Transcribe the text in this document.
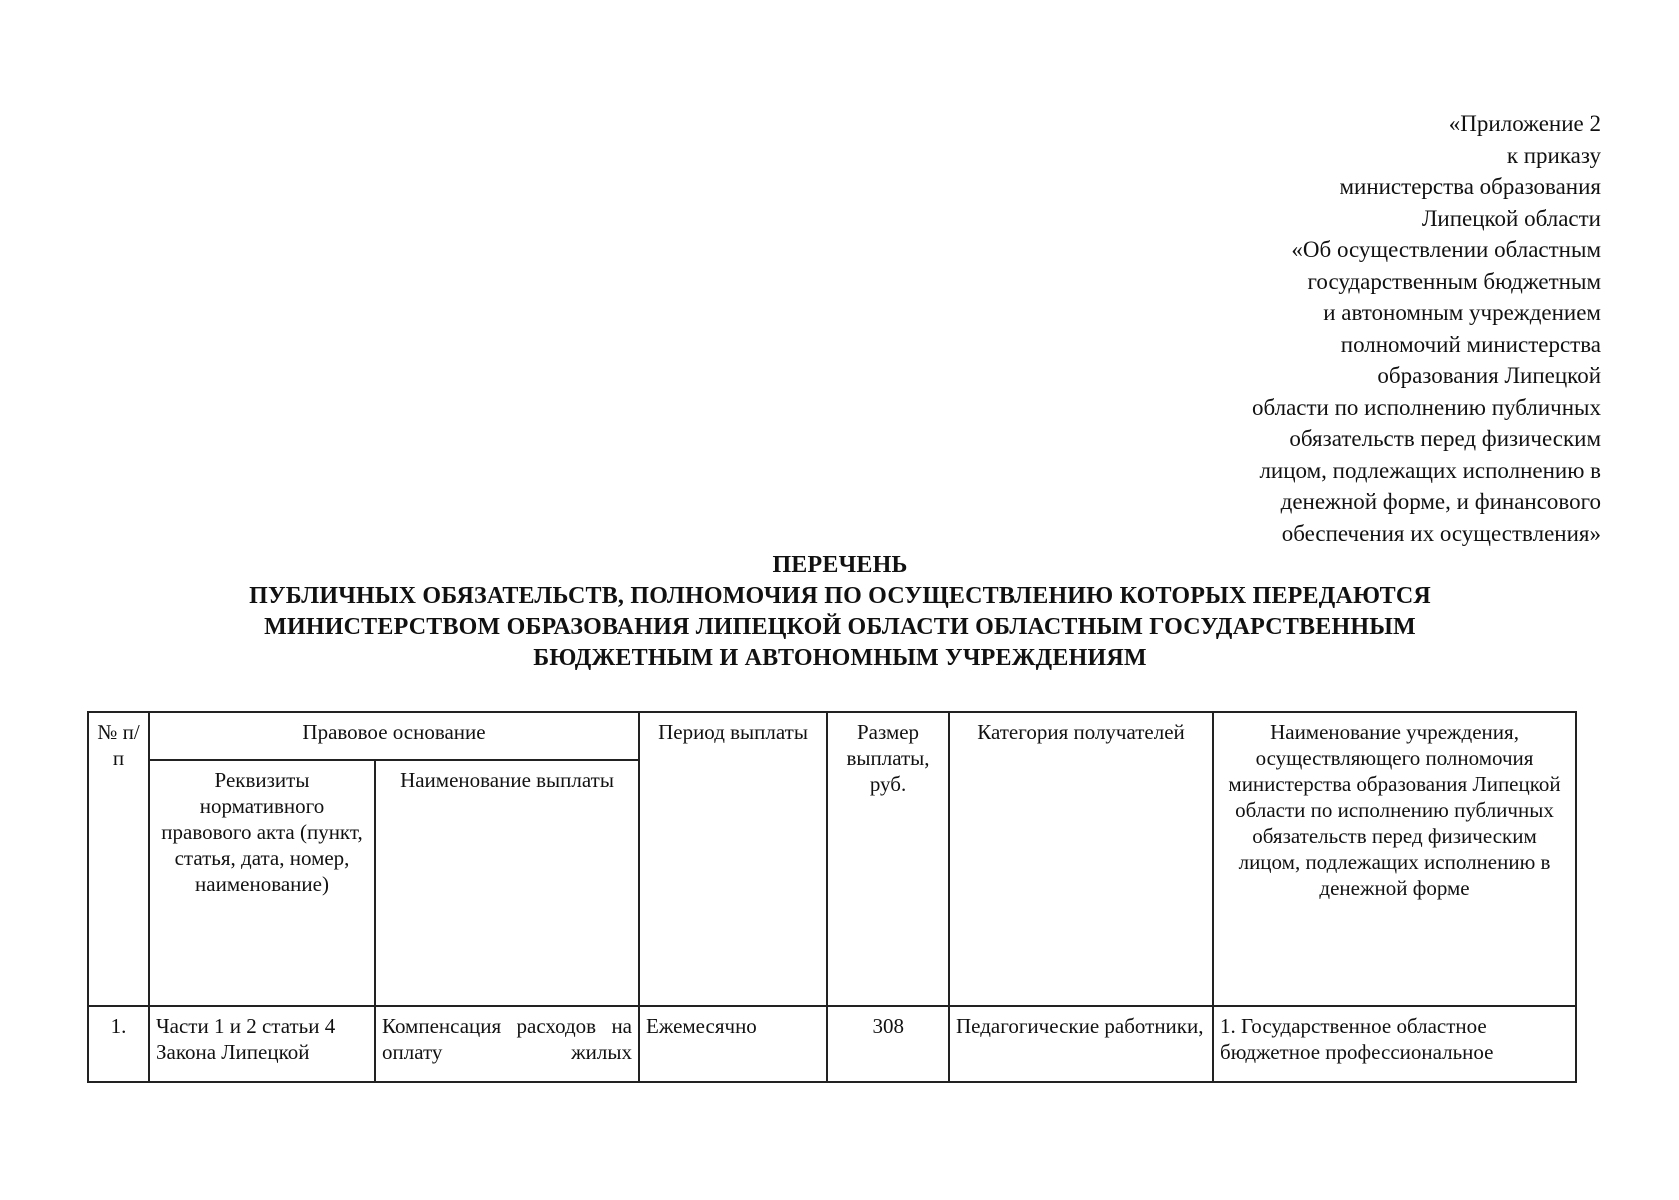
«Приложение 2
к приказу
министерства образования
Липецкой области
«Об осуществлении областным
государственным бюджетным
и автономным учреждением
полномочий министерства
образования Липецкой
области по исполнению публичных
обязательств перед физическим
лицом, подлежащих исполнению в
денежной форме, и финансового
обеспечения их осуществления»
ПЕРЕЧЕНЬ
ПУБЛИЧНЫХ ОБЯЗАТЕЛЬСТВ, ПОЛНОМОЧИЯ ПО ОСУЩЕСТВЛЕНИЮ КОТОРЫХ ПЕРЕДАЮТСЯ
МИНИСТЕРСТВОМ ОБРАЗОВАНИЯ ЛИПЕЦКОЙ ОБЛАСТИ ОБЛАСТНЫМ ГОСУДАРСТВЕННЫМ
БЮДЖЕТНЫМ И АВТОНОМНЫМ УЧРЕЖДЕНИЯМ
№ п/п	Правовое основание		Период выплаты	Размер выплаты, руб.	Категория получателей	Наименование учреждения, осуществляющего полномочия министерства образования Липецкой области по исполнению публичных обязательств перед физическим лицом, подлежащих исполнению в денежной форме
	Реквизиты нормативного правового акта (пункт, статья, дата, номер, наименование)	Наименование выплаты				
1.	Части 1 и 2 статьи 4 Закона Липецкой	Компенсация расходов на оплату жилых	Ежемесячно	308	Педагогические работники,	1. Государственное областное бюджетное профессиональное
